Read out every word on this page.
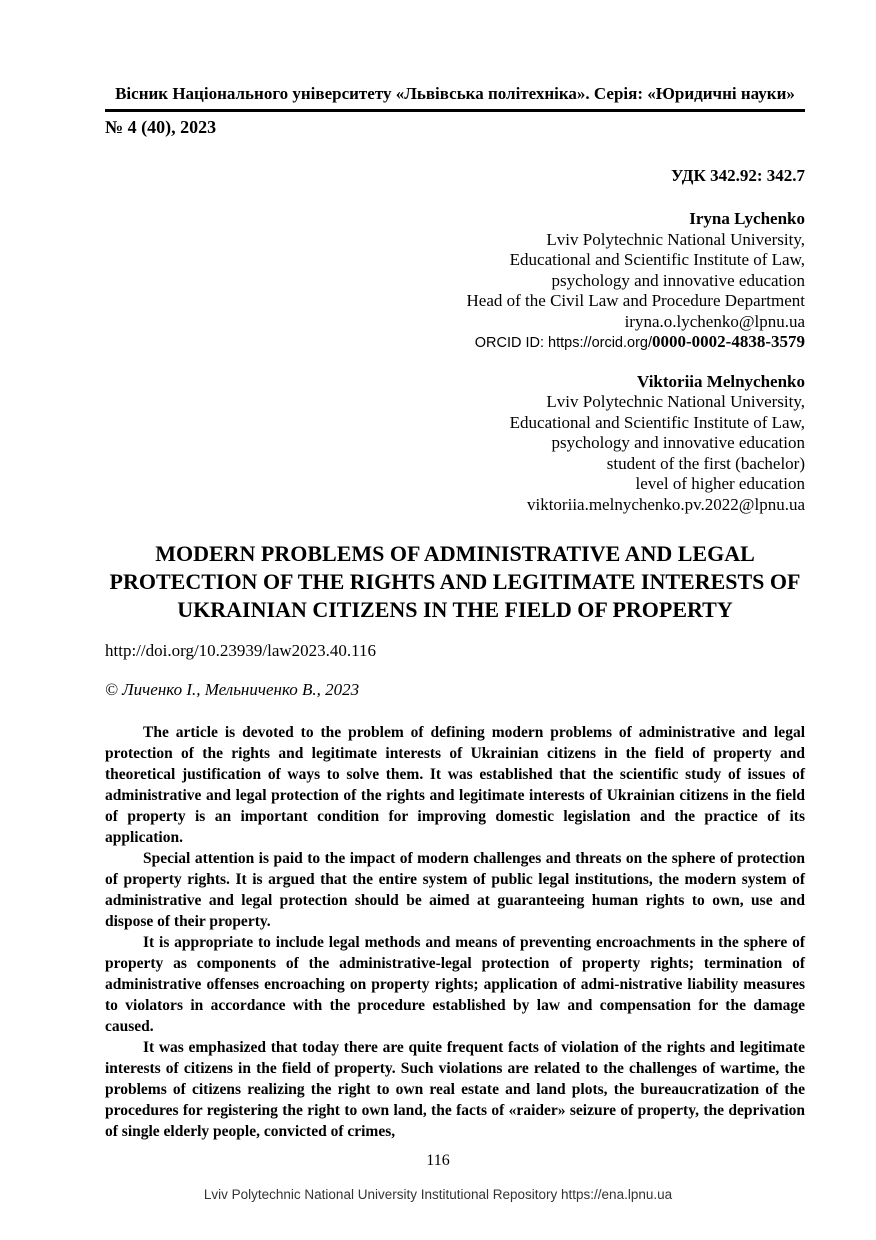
Вісник Національного університету «Львівська політехніка». Серія: «Юридичні науки»
№ 4 (40), 2023
УДК 342.92: 342.7
Iryna Lychenko
Lviv Polytechnic National University,
Educational and Scientific Institute of Law,
psychology and innovative education
Head of the Civil Law and Procedure Department
iryna.o.lychenko@lpnu.ua
ORCID ID: https://orcid.org/0000-0002-4838-3579
Viktoriia Melnychenko
Lviv Polytechnic National University,
Educational and Scientific Institute of Law,
psychology and innovative education
student of the first (bachelor)
level of higher education
viktoriia.melnychenko.pv.2022@lpnu.ua
MODERN PROBLEMS OF ADMINISTRATIVE AND LEGAL
PROTECTION OF THE RIGHTS AND LEGITIMATE INTERESTS OF
UKRAINIAN CITIZENS IN THE FIELD OF PROPERTY
http://doi.org/10.23939/law2023.40.116
© Личенко І., Мельниченко В., 2023

The article is devoted to the problem of defining modern problems of administrative and legal protection of the rights and legitimate interests of Ukrainian citizens in the field of property and theoretical justification of ways to solve them. It was established that the scientific study of issues of administrative and legal protection of the rights and legitimate interests of Ukrainian citizens in the field of property is an important condition for improving domestic legislation and the practice of its application.

Special attention is paid to the impact of modern challenges and threats on the sphere of protection of property rights. It is argued that the entire system of public legal institutions, the modern system of administrative and legal protection should be aimed at guaranteeing human rights to own, use and dispose of their property.

It is appropriate to include legal methods and means of preventing encroachments in the sphere of property as components of the administrative-legal protection of property rights; termination of administrative offenses encroaching on property rights; application of admi-nistrative liability measures to violators in accordance with the procedure established by law and compensation for the damage caused.

It was emphasized that today there are quite frequent facts of violation of the rights and legitimate interests of citizens in the field of property. Such violations are related to the challenges of wartime, the problems of citizens realizing the right to own real estate and land plots, the bureaucratization of the procedures for registering the right to own land, the facts of «raider» seizure of property, the deprivation of single elderly people, convicted of crimes,

116
Lviv Polytechnic National University Institutional Repository https://ena.lpnu.ua
